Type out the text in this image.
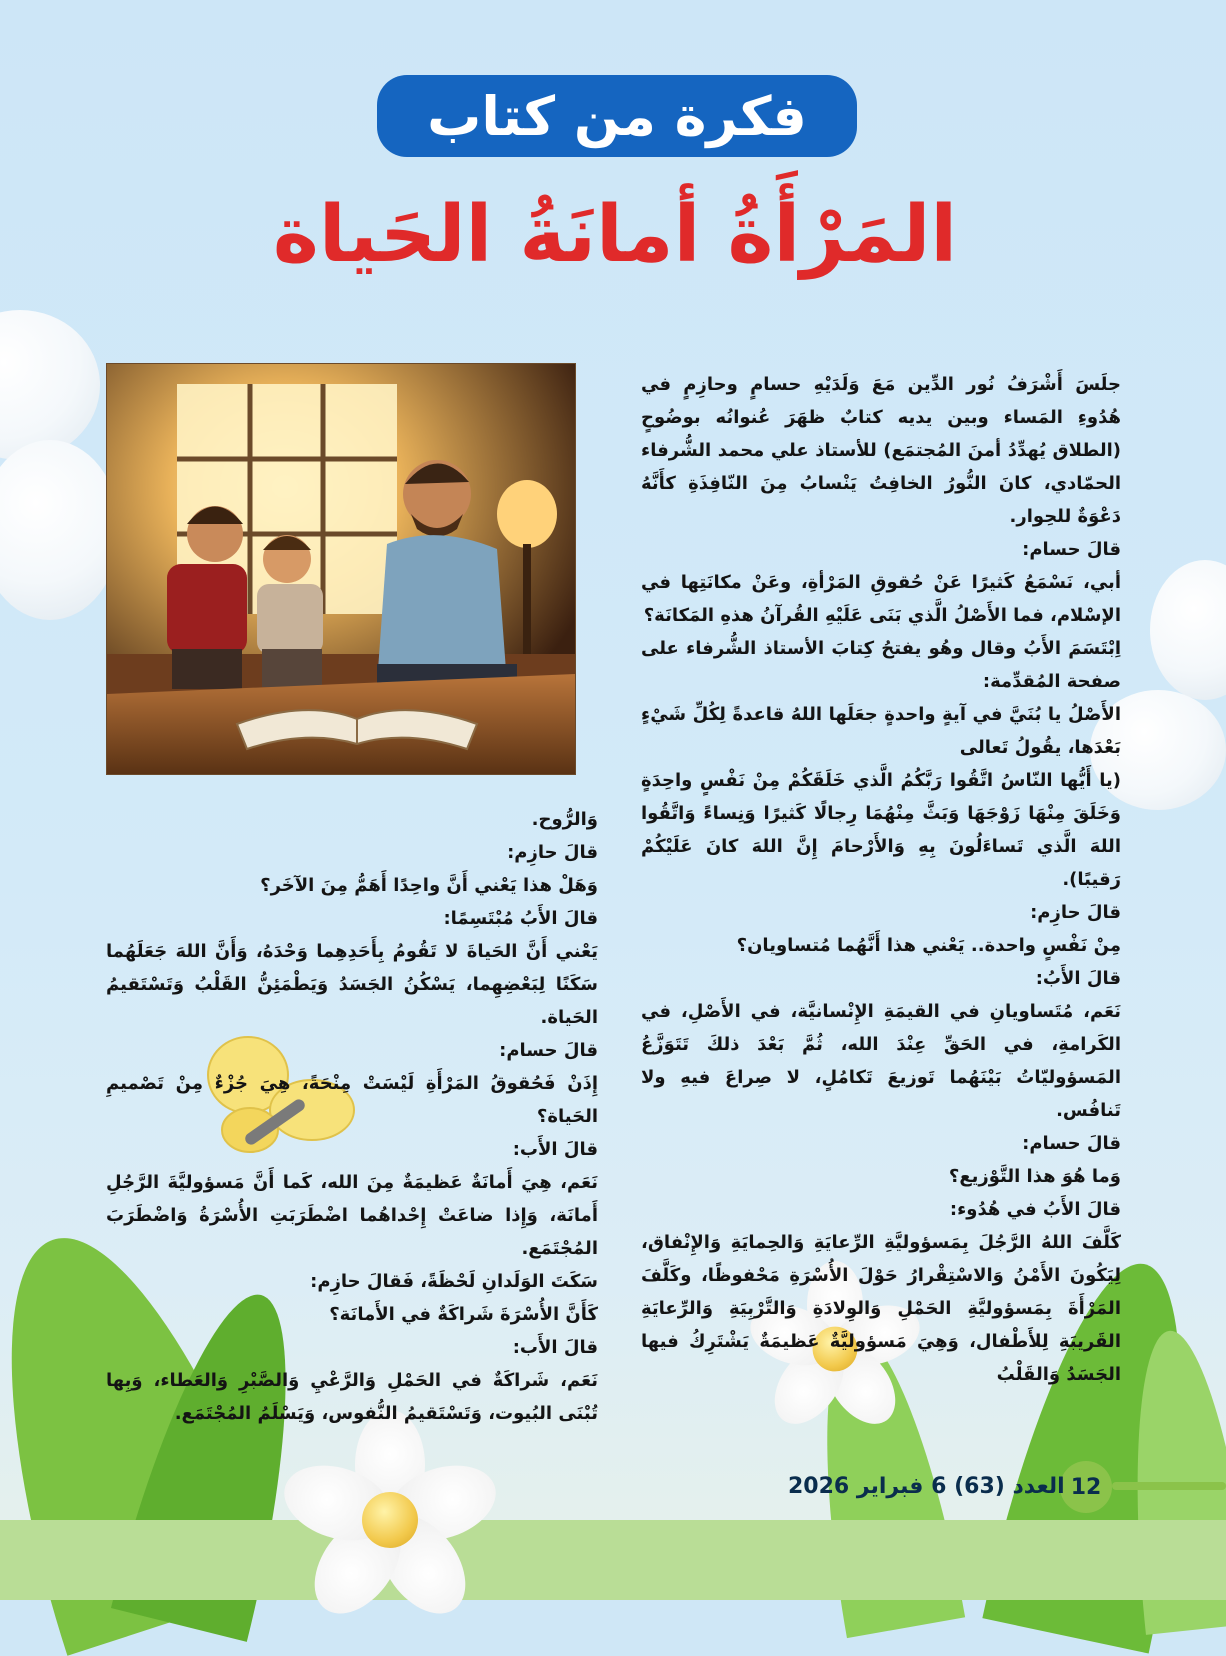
فكرة من كتاب
المَرْأَةُ أمانَةُ الحَياة

جلَسَ أَشْرَفُ نُور الدِّين مَعَ وَلَدَيْهِ حسامٍ وحازِمٍ في هُدُوءِ المَساء وبين يديه كتابٌ ظهَرَ عُنوانُه بوضُوحٍ (الطلاق يُهدِّدُ أمنَ المُجتمَع) للأستاذ علي محمد الشُّرفاء الحمّادي، كانَ النُّورُ الخافِتُ يَنْسابُ مِنَ النّافِذَةِ كأَنَّهُ دَعْوَةٌ للحِوار.

قالَ حسام:

أبي، نَسْمَعُ كَثيرًا عَنْ حُقوقِ المَرْأةِ، وعَنْ مكانَتِها في الإسْلام، فما الأَصْلُ الَّذي بَنَى عَلَيْهِ القُرآنُ هذهِ المَكانَة؟

اِبْتَسَمَ الأَبُ وقال وهُو يفتحُ كِتابَ الأستاذ الشُّرفاء على صفحة المُقدِّمة:

الأَصْلُ يا بُنَيَّ في آيةٍ واحدةٍ جعَلَها اللهُ قاعدةً لِكُلِّ شَيْءٍ بَعْدَها، يقُولُ تَعالى

(يا أَيُّها النّاسُ اتَّقُوا رَبَّكُمُ الَّذي خَلَقَكُمْ مِنْ نَفْسٍ واحِدَةٍ وَخَلَقَ مِنْهَا زَوْجَهَا وَبَثَّ مِنْهُمَا رِجالًا كَثيرًا وَنِساءً وَاتَّقُوا اللهَ الَّذي تَساءَلُونَ بِهِ وَالأَرْحامَ إِنَّ اللهَ كانَ عَلَيْكُمْ رَقيبًا).

قالَ حازِم:

مِنْ نَفْسٍ واحدة.. يَعْني هذا أَنَّهُما مُتساويان؟

قالَ الأَبُ:

نَعَم، مُتَساويانِ في القيمَةِ الإِنْسانيَّة، في الأَصْلِ، في الكَرامةِ، في الحَقِّ عِنْدَ الله، ثُمَّ بَعْدَ ذلكَ تَتَوَزَّعُ المَسؤوليّاتُ بَيْنَهُما تَوزيعَ تَكامُلٍ، لا صِراعَ فيهِ ولا تَنافُس.

قالَ حسام:

وَما هُوَ هذا التَّوْزيع؟

قالَ الأَبُ في هُدُوء:

كَلَّفَ اللهُ الرَّجُلَ بِمَسؤوليَّةِ الرِّعايَةِ وَالحِمايَةِ وَالإِنْفاق، لِيَكُونَ الأَمْنُ وَالاسْتِقْرارُ حَوْلَ الأُسْرَةِ مَحْفوظًا، وكَلَّفَ المَرْأَةَ بِمَسؤوليَّةِ الحَمْلِ وَالوِلادَةِ وَالتَّرْبِيَةِ وَالرِّعايَةِ القَريبَةِ لِلأَطْفال، وَهِيَ مَسؤوليَّةٌ عَظيمَةٌ يَشْتَرِكُ فيها الجَسَدُ وَالقَلْبُ

وَالرُّوح.

قالَ حازِم:

وَهَلْ هذا يَعْني أَنَّ واحِدًا أَهَمُّ مِنَ الآخَر؟

قالَ الأَبُ مُبْتَسِمًا:

يَعْني أَنَّ الحَياةَ لا تَقُومُ بِأَحَدِهِما وَحْدَهُ، وَأَنَّ اللهَ جَعَلَهُما سَكَنًا لِبَعْضِهِما، يَسْكُنُ الجَسَدُ وَيَطْمَئِنُّ القَلْبُ وَتَسْتَقيمُ الحَياة.

قالَ حسام:

إِذَنْ فَحُقوقُ المَرْأَةِ لَيْسَتْ مِنْحَةً، هِيَ جُزْءٌ مِنْ تَصْميمِ الحَياة؟

قالَ الأَب:

نَعَم، هِيَ أَمانَةٌ عَظيمَةٌ مِنَ الله، كَما أَنَّ مَسؤوليَّةَ الرَّجُلِ أَمانَة، وَإِذا ضاعَتْ إِحْداهُما اضْطَرَبَتِ الأُسْرَةُ وَاضْطَرَبَ المُجْتَمَع.

سَكَتَ الوَلَدانِ لَحْظَةً، فَقالَ حازِم:

كَأَنَّ الأُسْرَةَ شَراكَةٌ في الأَمانَة؟

قالَ الأَب:

نَعَم، شَراكَةٌ في الحَمْلِ وَالرَّعْيِ وَالصَّبْرِ وَالعَطاء، وَبِها تُبْنَى البُيوت، وَتَسْتَقيمُ النُّفوس، وَيَسْلَمُ المُجْتَمَع.

12
العدد (63) 6 فبراير 2026
